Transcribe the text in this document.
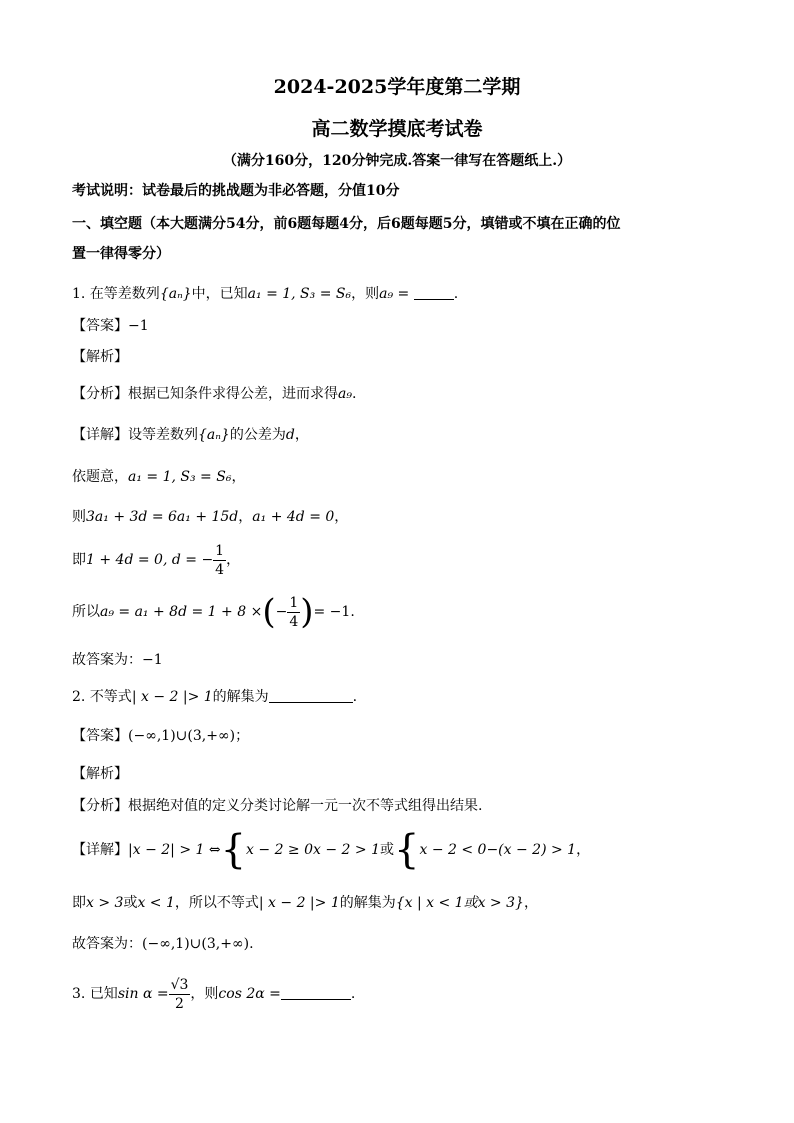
2024-2025学年度第二学期
高二数学摸底考试卷
（满分160分，120分钟完成.答案一律写在答题纸上.）
考试说明：试卷最后的挑战题为非必答题，分值10分
一、填空题（本大题满分54分，前6题每题4分，后6题每题5分，填错或不填在正确的位
置一律得零分）
1. 在等差数列{aₙ}中，已知a₁ = 1, S₃ = S₆，则a₉ =	.
【答案】−1
【解析】
【分析】根据已知条件求得公差，进而求得a₉.
【详解】设等差数列{aₙ}的公差为d，
依题意，a₁ = 1, S₃ = S₆，
则3a₁ + 3d = 6a₁ + 15d，a₁ + 4d = 0，
即1 + 4d = 0, d = − $\frac{1}{4}$ ，
所以a₉ = a₁ + 8d = 1 + 8 ×(− $\frac{1}{4}$ )= −1.
故答案为：−1
2. 不等式| x − 2 |> 1的解集为	.
【答案】(−∞,1)∪(3,+∞)；
【解析】
【分析】根据绝对值的定义分类讨论解一元一次不等式组得出结果.
【详解】|x − 2| > 1 ⇔{x − 2 ≥ 0x − 2 > 1或{x − 2 < 0−(x − 2) > 1，
即x > 3或x < 1，所以不等式| x − 2 |> 1的解集为{x | x < 1或x > 3}，
故答案为：(−∞,1)∪(3,+∞).
3. 已知$\sin \alpha = \frac{√3}{2}$ ，则cos 2α =	.
